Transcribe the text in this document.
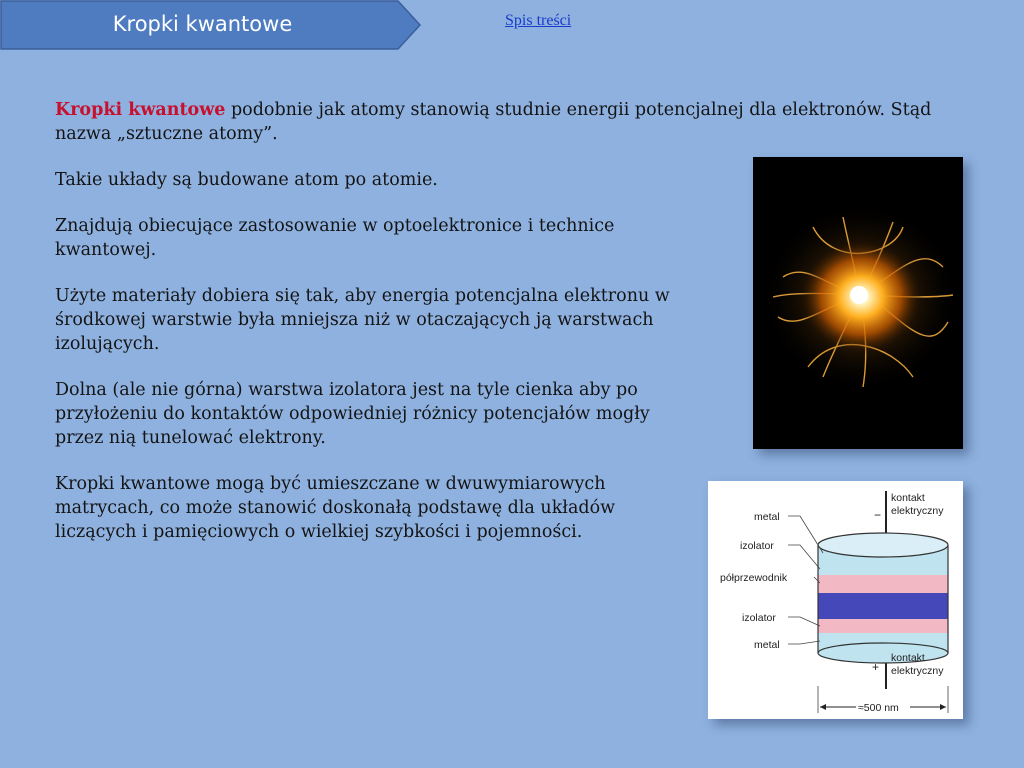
Kropki kwantowe	Spis treści

Kropki kwantowe podobnie jak atomy stanowią studnie energii potencjalnej dla elektronów. Stąd nazwa „sztuczne atomy”.

Takie układy są budowane atom po atomie.

Znajdują obiecujące zastosowanie w optoelektronice i technice kwantowej.

Użyte materiały dobiera się tak, aby energia potencjalna elektronu w środkowej warstwie była mniejsza niż w otaczających ją warstwach izolujących.

Dolna (ale nie górna) warstwa izolatora jest na tyle cienka aby po przyłożeniu do kontaktów odpowiedniej różnicy potencjałów mogły przez nią tunelować elektrony.

Kropki kwantowe mogą być umieszczane w dwuwymiarowych matrycach, co może stanowić doskonałą podstawę dla układów liczących i pamięciowych o wielkiej szybkości i pojemności.

metal
izolator
półprzewodnik
izolator
metal
−
kontakt
elektryczny
+
kontakt
elektryczny
≈500 nm
